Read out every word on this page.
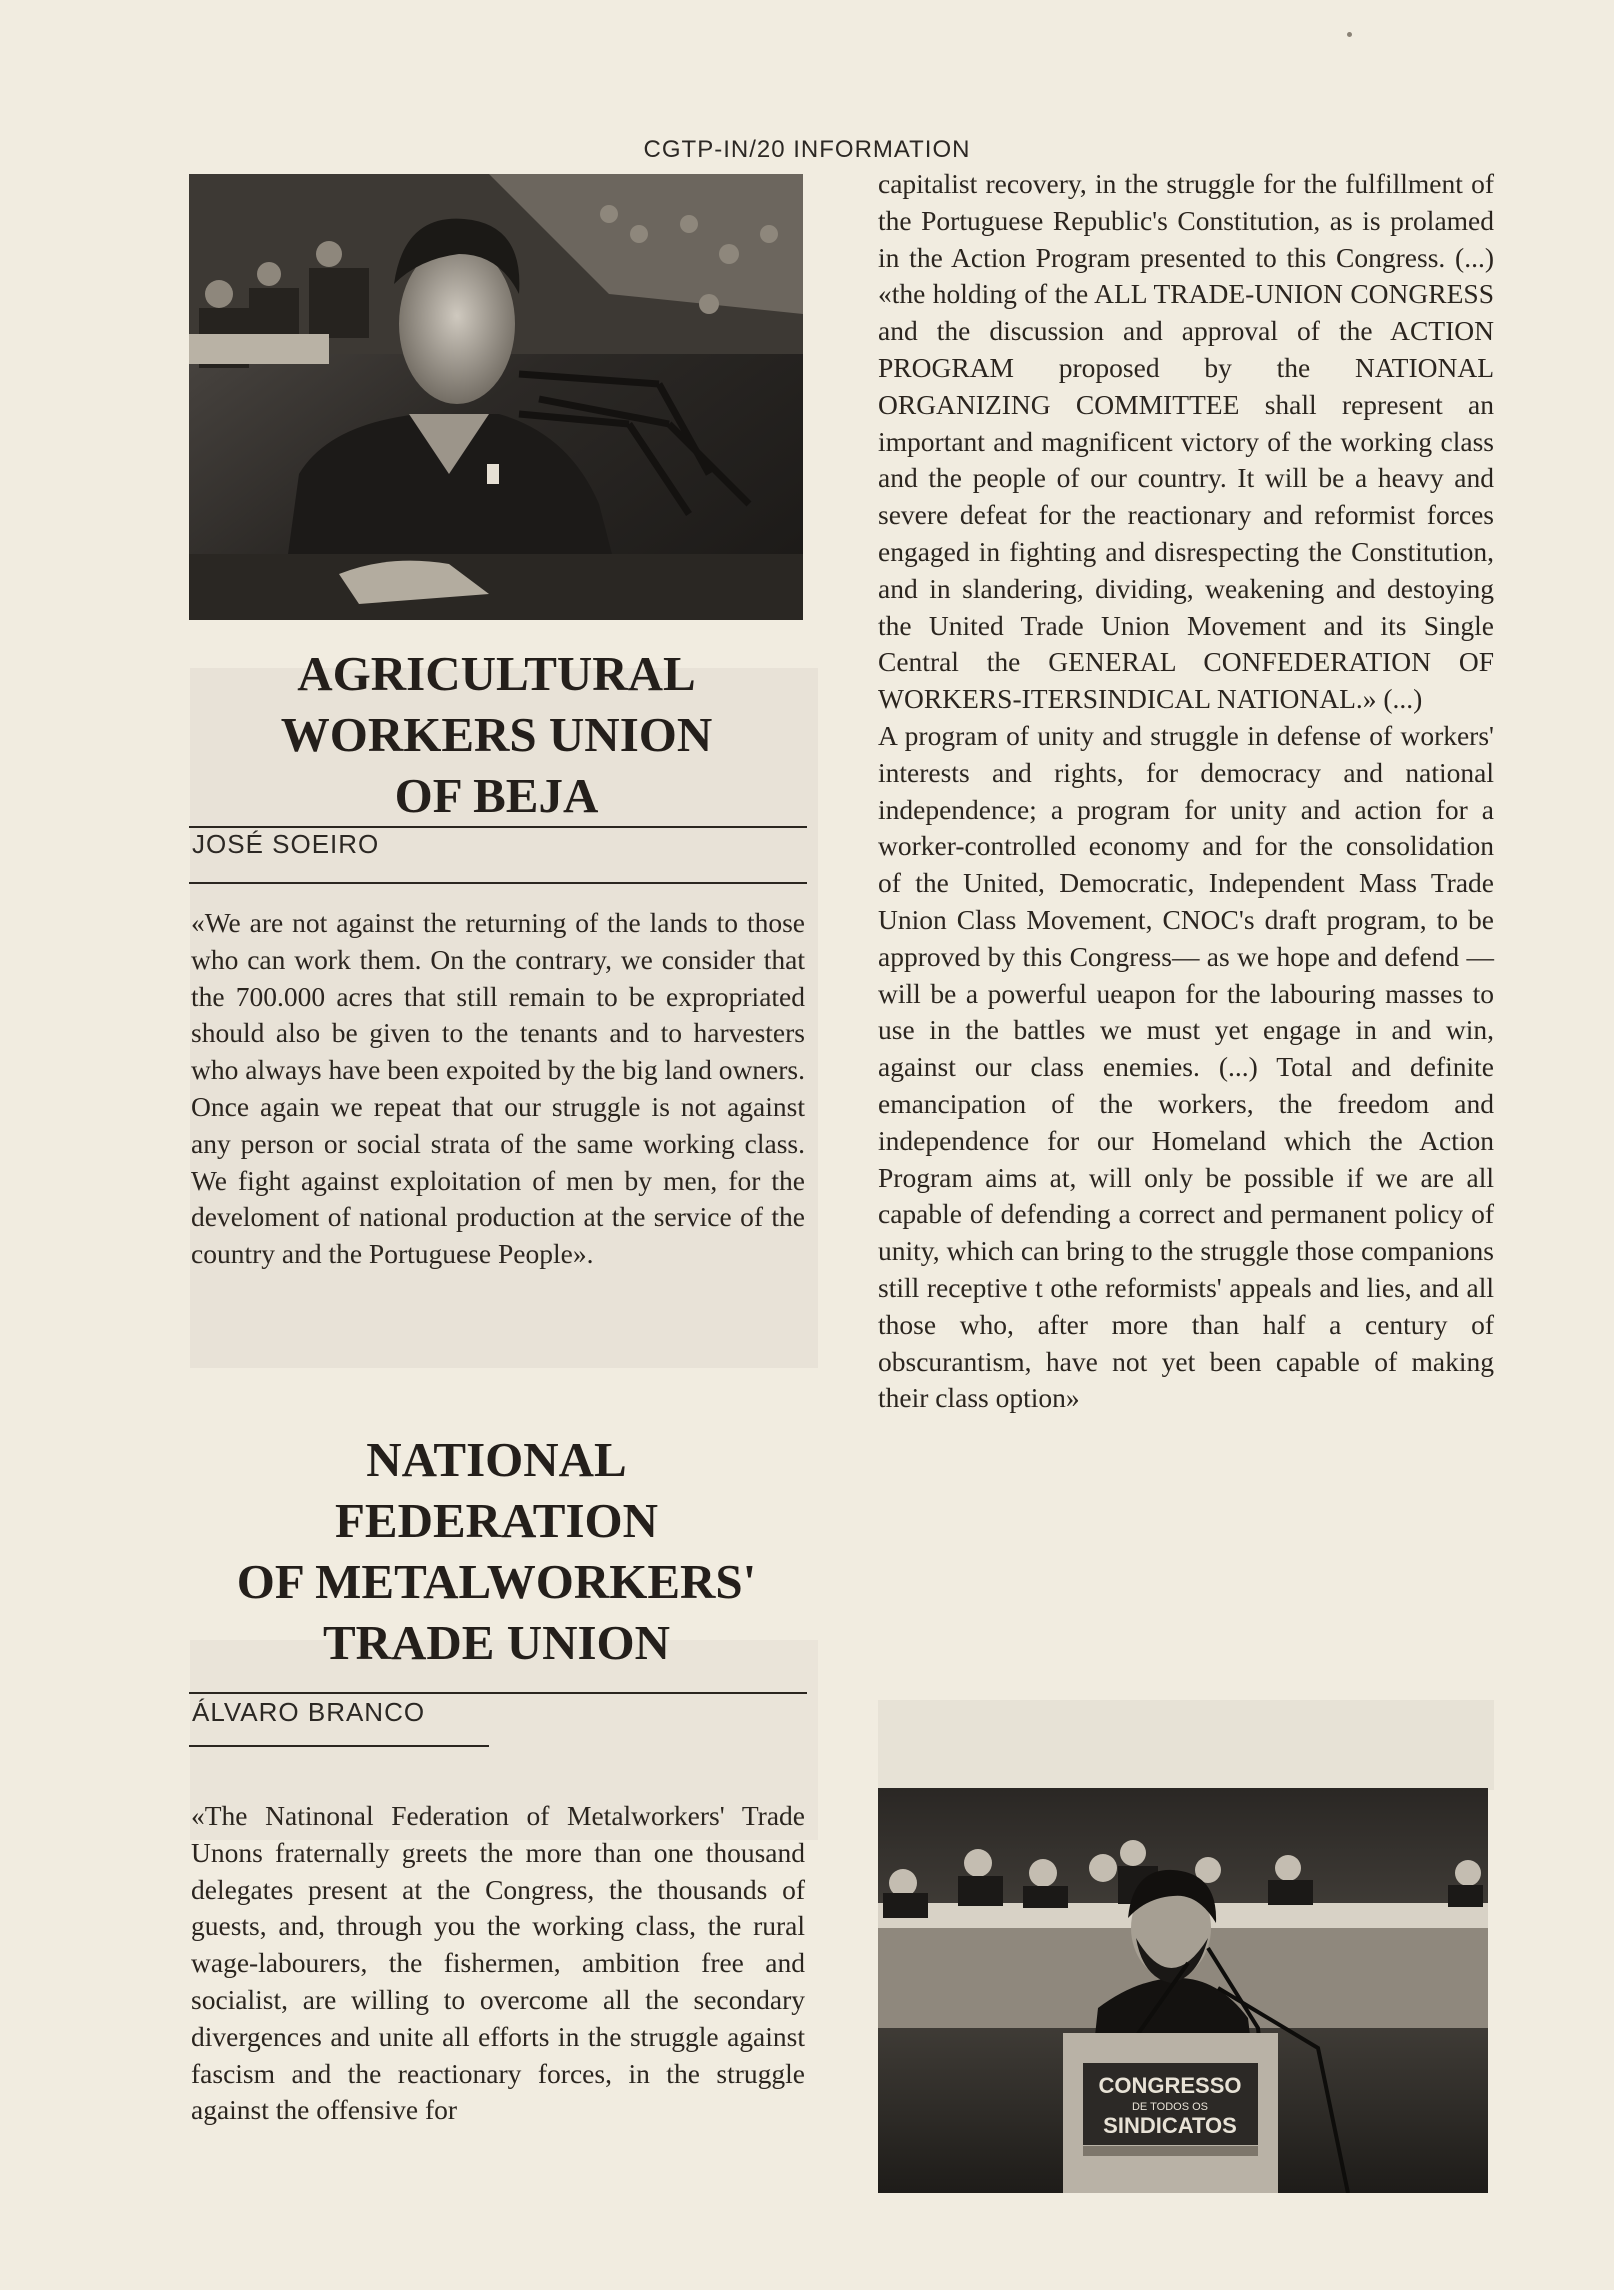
CGTP-IN/20 INFORMATION
AGRICULTURAL
WORKERS UNION
OF BEJA
JOSÉ SOEIRO

«We are not against the returning of the lands to those who can work them. On the contrary, we consider that the 700.000 acres that still remain to be expropriated should also be given to the tenants and to harvesters who always have been expoited by the big land owners.

Once again we repeat that our struggle is not against any person or social strata of the same working class. We fight against exploitation of men by men, for the develoment of national production at the service of the country and the Portuguese People».

NATIONAL
FEDERATION
OF METALWORKERS'
TRADE UNION
ÁLVARO BRANCO

«The Natinonal Federation of Metalworkers' Trade Unons fraternally greets the more than one thousand delegates present at the Congress, the thousands of guests, and, through you the working class, the rural wage-labourers, the fishermen, ambition free and socialist, are willing to overcome all the secondary divergences and unite all efforts in the struggle against fascism and the reactionary forces, in the struggle against the offensive for

capitalist recovery, in the struggle for the fulfillment of the Portuguese Republic's Constitution, as is prolamed in the Action Program presented to this Congress. (...) «the holding of the ALL TRADE-UNION CONGRESS and the discussion and approval of the ACTION PROGRAM proposed by the NATIONAL ORGANIZING COMMITTEE shall represent an important and magnificent victory of the working class and the people of our country. It will be a heavy and severe defeat for the reactionary and reformist forces engaged in fighting and disrespecting the Constitution, and in slandering, dividing, weakening and destoying the United Trade Union Movement and its Single Central the GENERAL CONFEDERATION OF WORKERS-ITERSINDICAL NATIONAL.» (...)

A program of unity and struggle in defense of workers' interests and rights, for democracy and national independence; a program for unity and action for a worker-controlled economy and for the consolidation of the United, Democratic, Independent Mass Trade Union Class Movement, CNOC's draft program, to be approved by this Congress— as we hope and defend — will be a powerful ueapon for the labouring masses to use in the battles we must yet engage in and win, against our class enemies. (...) Total and definite emancipation of the workers, the freedom and independence for our Homeland which the Action Program aims at, will only be possible if we are all capable of defending a correct and permanent policy of unity, which can bring to the struggle those companions still receptive t othe reformists' appeals and lies, and all those who, after more than half a century of obscurantism, have not yet been capable of making their class option»

CONGRESSO
DE TODOS OS
SINDICATOS
